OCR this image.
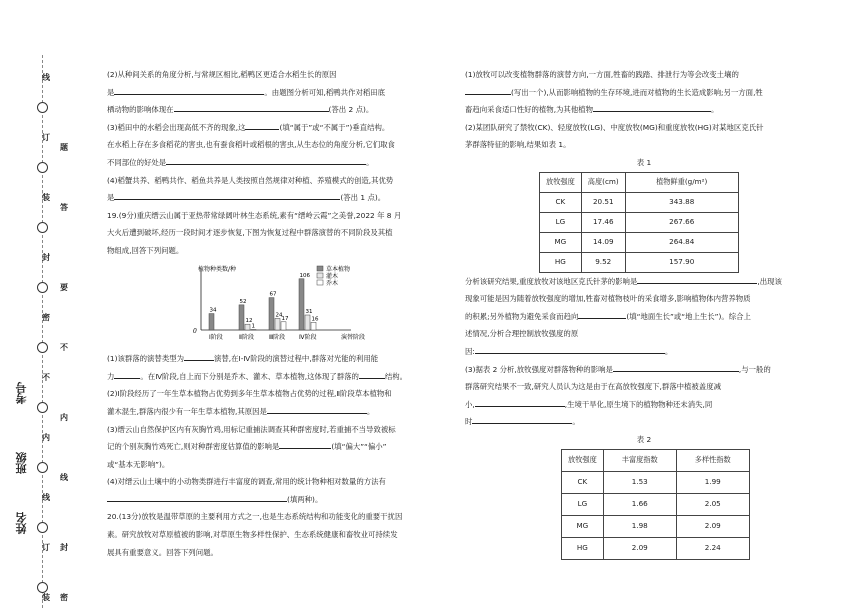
线
订
装
封
密
不
内
线
订
装
题
答
要
不
内
线
封
密
考号
班级
姓名

(2)从种间关系的角度分析,与常规区相比,稻鸭区更适合水稻生长的原因

是	。由题图分析可知,稻鸭共作对稻田底

栖动物的影响体现在	(答出 2 点)。

(3)稻田中的水稻会出现高低不齐的现象,这	(填“属于”或“不属于”)垂直结构。

在水稻上存在多食稻花的害虫,也有蚕食稻叶或稻根的害虫,从生态位的角度分析,它们取食

不同部位的好处是	。

(4)稻蟹共养、稻鸭共作、稻鱼共养是人类按照自然规律对种植、养殖模式的创造,其优势

是	(答出 1 点)。

19.(9分)重庆缙云山属于亚热带常绿阔叶林生态系统,素有“缙岭云霞”之美誉,2022 年 8 月

大火后遭到破坏,经历一段时间才逐步恢复,下图为恢复过程中群落演替的不同阶段及其植

物组成,回答下列问题。

植物种类数/种
0
演替阶段
34
Ⅰ阶段
52
12
1
Ⅱ阶段
67
24
17
Ⅲ阶段
106
31
16
Ⅳ阶段
草本植物
灌木
乔木

(1)该群落的演替类型为	演替,在Ⅰ-Ⅳ阶段的演替过程中,群落对光能的利用能

力	。在Ⅳ阶段,自上而下分别是乔木、灌木、草本植物,这体现了群落的	结构。

(2)Ⅰ阶段经历了一年生草本植物占优势到多年生草本植物占优势的过程,Ⅱ阶段草本植物和

灌木混生,群落内很少有一年生草本植物,其原因是	。

(3)缙云山自然保护区内有灰胸竹鸡,用标记重捕法调查其种群密度时,若重捕不当导致被标

记的个别灰胸竹鸡死亡,则对种群密度估算值的影响是	(填“偏大”“偏小”

或“基本无影响”)。

(4)对缙云山土壤中的小动物类群进行丰富度的调查,常用的统计物种相对数量的方法有

(填两种)。

20.(13分)放牧是温带草原的主要利用方式之一,也是生态系统结构和功能变化的重要干扰因

素。研究放牧对草原植被的影响,对草原生物多样性保护、生态系统健康和畜牧业可持续发

展具有重要意义。回答下列问题。

(1)放牧可以改变植物群落的演替方向,一方面,牲畜的践踏、排泄行为等会改变土壤的

(写出一个),从而影响植物的生存环境,进而对植物的生长造成影响;另一方面,牲

畜趋向采食适口性好的植物,为其他植物	。

(2)某团队研究了禁牧(CK)、轻度放牧(LG)、中度放牧(MG)和重度放牧(HG)对某地区克氏针

茅群落特征的影响,结果如表 1。

表 1
放牧强度	高度(cm)	植物鲜重(g/m²)
CK	20.51	343.88
LG	17.46	267.66
MG	14.09	264.84
HG	9.52	157.90

分析该研究结果,重度放牧对该地区克氏针茅的影响是	,出现该

现象可能是因为随着放牧强度的增加,牲畜对植物枝叶的采食增多,影响植物体内营养物质

的积累;另外植物为避免采食而趋向	(填“地面生长”或“地上生长”)。综合上

述情况,分析合理控制放牧强度的原

因:	。

(3)据表 2 分析,放牧强度对群落物种的影响是	,与一般的

群落研究结果不一致,研究人员认为这是由于在高放牧强度下,群落中植被盖度减

小,	,生境干旱化,原生境下的植物物种还未消失,同

时	。

表 2
放牧强度	丰富度指数	多样性指数
CK	1.53	1.99
LG	1.66	2.05
MG	1.98	2.09
HG	2.09	2.24
